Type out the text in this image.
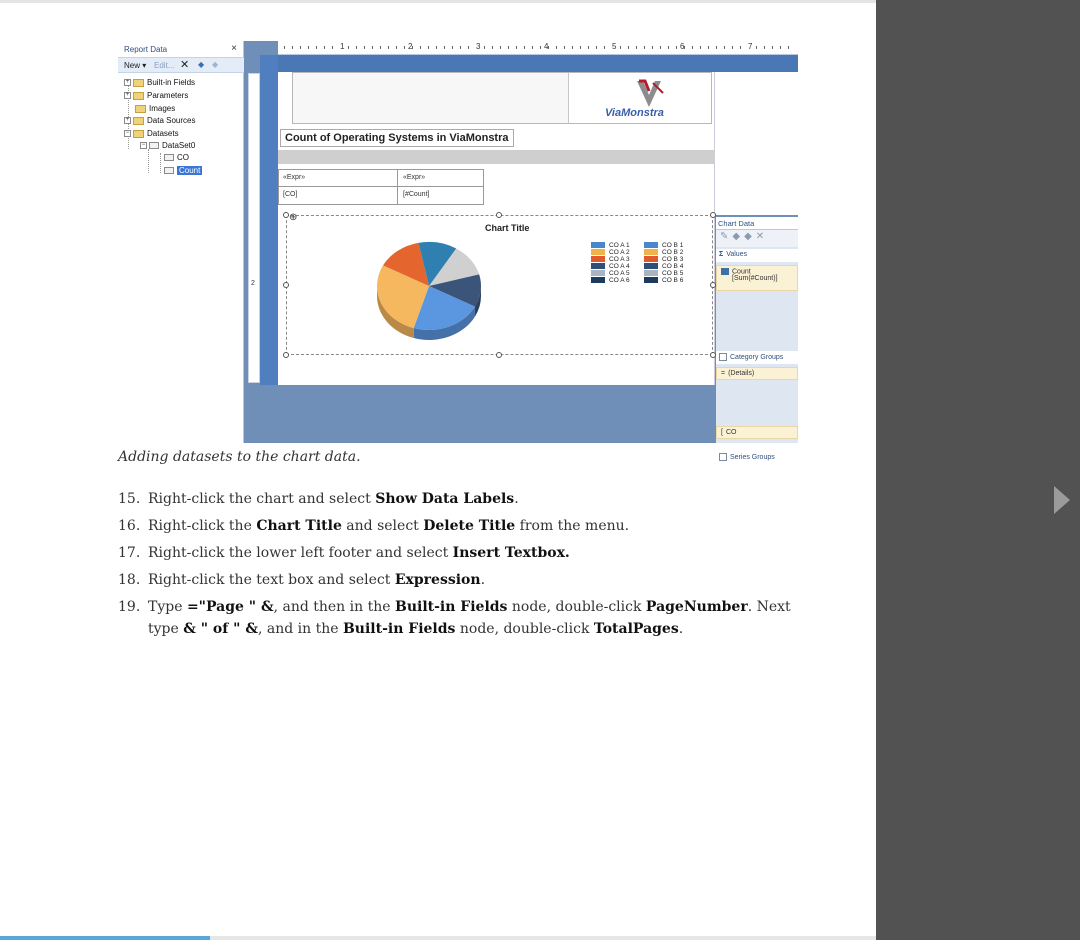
Report Data	×
New ▾ Edit... ✕ ◆ ◆
+ Built-in Fields
+ Parameters
Images
+ Data Sources
− Datasets
− DataSet0
CO
Count
2
1	2	3	4	5	6	7
ViaMonstra
Count of Operating Systems in ViaMonstra
«Expr»	«Expr»
[CO]	[#Count]
Chart Title
⊕
CO A 1
CO A 2
CO A 3
CO A 4
CO A 5
CO A 6
CO B 1
CO B 2
CO B 3
CO B 4
CO B 5
CO B 6
Chart Data
✎◆◆✕
Σ Values
Count
[Sum(#Count)]
Category Groups
= (Details)
Series Groups
[ CO
Adding datasets to the chart data.
15. Right-click the chart and select Show Data Labels.
16. Right-click the Chart Title and select Delete Title from the menu.
17. Right-click the lower left footer and select Insert Textbox.
18. Right-click the text box and select Expression.
19. Type ="Page " &, and then in the Built-in Fields node, double-click PageNumber. Next
type & " of " &, and in the Built-in Fields node, double-click TotalPages.
